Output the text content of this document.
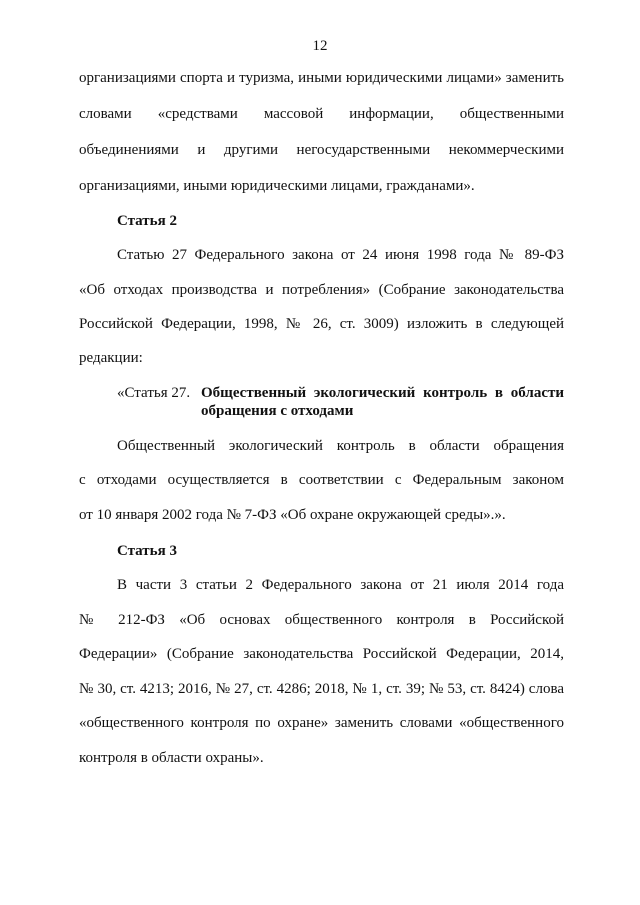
12
организациями спорта и туризма, иными юридическими лицами» заменить
словами «средствами массовой информации, общественными
объединениями и другими негосударственными некоммерческими
организациями, иными юридическими лицами, гражданами».
Статья 2
Статью 27 Федерального закона от 24 июня 1998 года № 89-ФЗ
«Об отходах производства и потребления» (Собрание законодательства
Российской Федерации, 1998, № 26, ст. 3009) изложить в следующей
редакции:
«Статья 27. Общественный экологический контроль в области
обращения с отходами
Общественный экологический контроль в области обращения
с отходами осуществляется в соответствии с Федеральным законом
от 10 января 2002 года № 7-ФЗ «Об охране окружающей среды».».
Статья 3
В части 3 статьи 2 Федерального закона от 21 июля 2014 года
№ 212-ФЗ «Об основах общественного контроля в Российской
Федерации» (Собрание законодательства Российской Федерации, 2014,
№ 30, ст. 4213; 2016, № 27, ст. 4286; 2018, № 1, ст. 39; № 53, ст. 8424) слова
«общественного контроля по охране» заменить словами «общественного
контроля в области охраны».
